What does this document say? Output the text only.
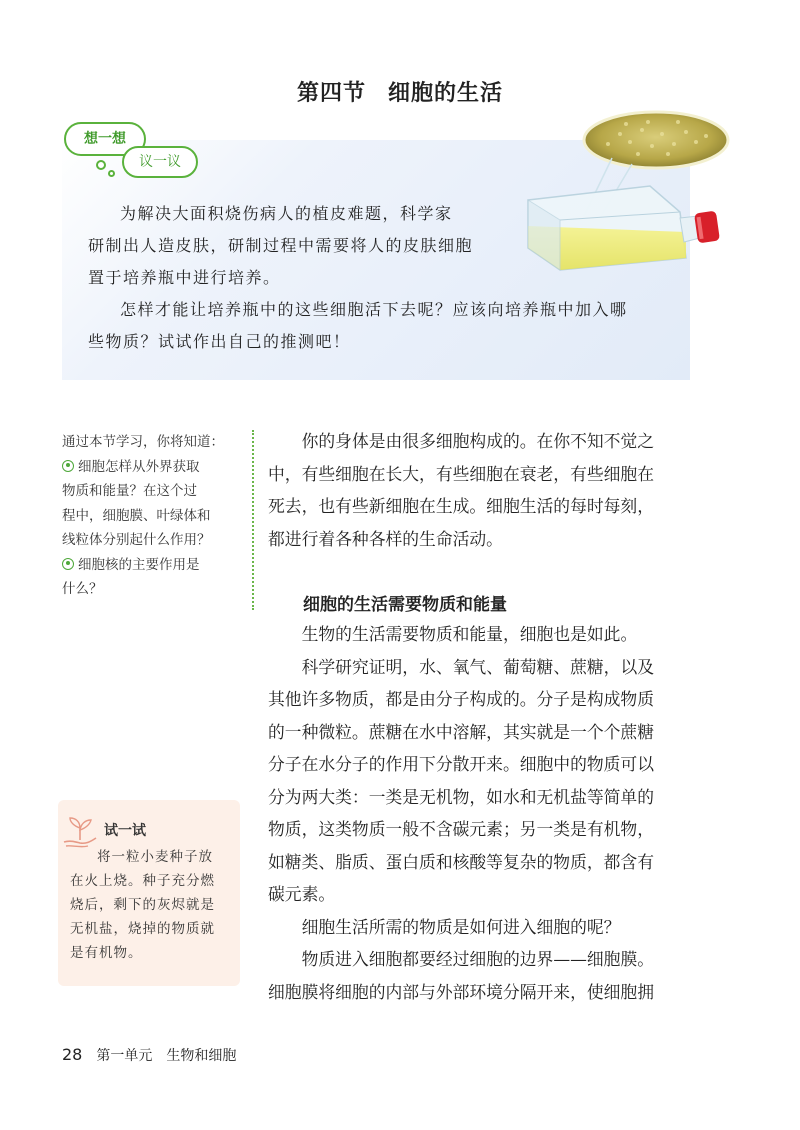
第四节 细胞的生活
想一想
议一议
为解决大面积烧伤病人的植皮难题，科学家
研制出人造皮肤，研制过程中需要将人的皮肤细胞
置于培养瓶中进行培养。
怎样才能让培养瓶中的这些细胞活下去呢？应该向培养瓶中加入哪
些物质？试试作出自己的推测吧！
通过本节学习，你将知道：
细胞怎样从外界获取
物质和能量？在这个过
程中，细胞膜、叶绿体和
线粒体分别起什么作用？
细胞核的主要作用是
什么？
你的身体是由很多细胞构成的。在你不知不觉之
中，有些细胞在长大，有些细胞在衰老，有些细胞在
死去，也有些新细胞在生成。细胞生活的每时每刻，
都进行着各种各样的生命活动。
细胞的生活需要物质和能量
生物的生活需要物质和能量，细胞也是如此。
科学研究证明，水、氧气、葡萄糖、蔗糖，以及
其他许多物质，都是由分子构成的。分子是构成物质
的一种微粒。蔗糖在水中溶解，其实就是一个个蔗糖
分子在水分子的作用下分散开来。细胞中的物质可以
分为两大类：一类是无机物，如水和无机盐等简单的
物质，这类物质一般不含碳元素；另一类是有机物，
如糖类、脂质、蛋白质和核酸等复杂的物质，都含有
碳元素。
细胞生活所需的物质是如何进入细胞的呢？
物质进入细胞都要经过细胞的边界——细胞膜。
细胞膜将细胞的内部与外部环境分隔开来，使细胞拥
试一试
将一粒小麦种子放
在火上烧。种子充分燃
烧后，剩下的灰烬就是
无机盐，烧掉的物质就
是有机物。
28 第一单元 生物和细胞
